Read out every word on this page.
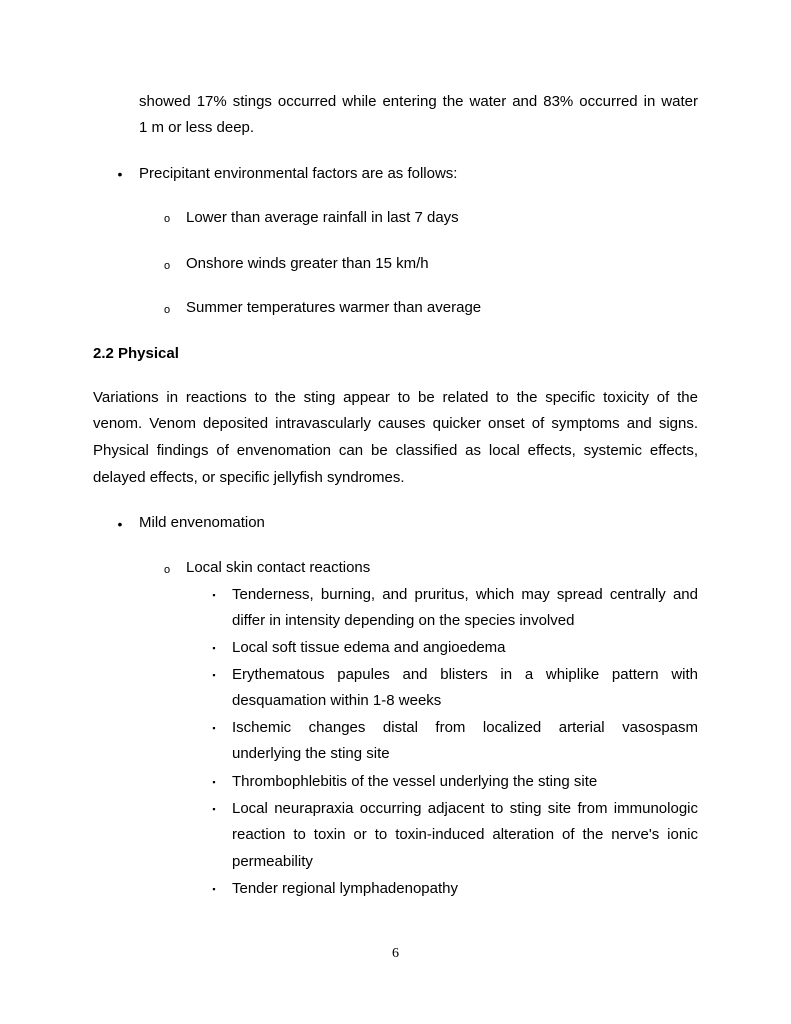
showed 17% stings occurred while entering the water and 83% occurred in water
1 m or less deep.
•	Precipitant environmental factors are as follows:
o Lower than average rainfall in last 7 days
o Onshore winds greater than 15 km/h
o Summer temperatures warmer than average
2.2 Physical
Variations in reactions to the sting appear to be related to the specific toxicity of the
venom. Venom deposited intravascularly causes quicker onset of symptoms and signs.
Physical findings of envenomation can be classified as local effects, systemic effects,
delayed effects, or specific jellyfish syndromes.
•	Mild envenomation
o Local skin contact reactions
▪	Tenderness, burning, and pruritus, which may spread centrally and
differ in intensity depending on the species involved
▪	Local soft tissue edema and angioedema
▪	Erythematous papules and blisters in a whiplike pattern with
desquamation within 1-8 weeks
▪	Ischemic changes distal from localized arterial vasospasm
underlying the sting site
▪	Thrombophlebitis of the vessel underlying the sting site
▪	Local neurapraxia occurring adjacent to sting site from immunologic
reaction to toxin or to toxin-induced alteration of the nerve's ionic
permeability
▪	Tender regional lymphadenopathy
6
